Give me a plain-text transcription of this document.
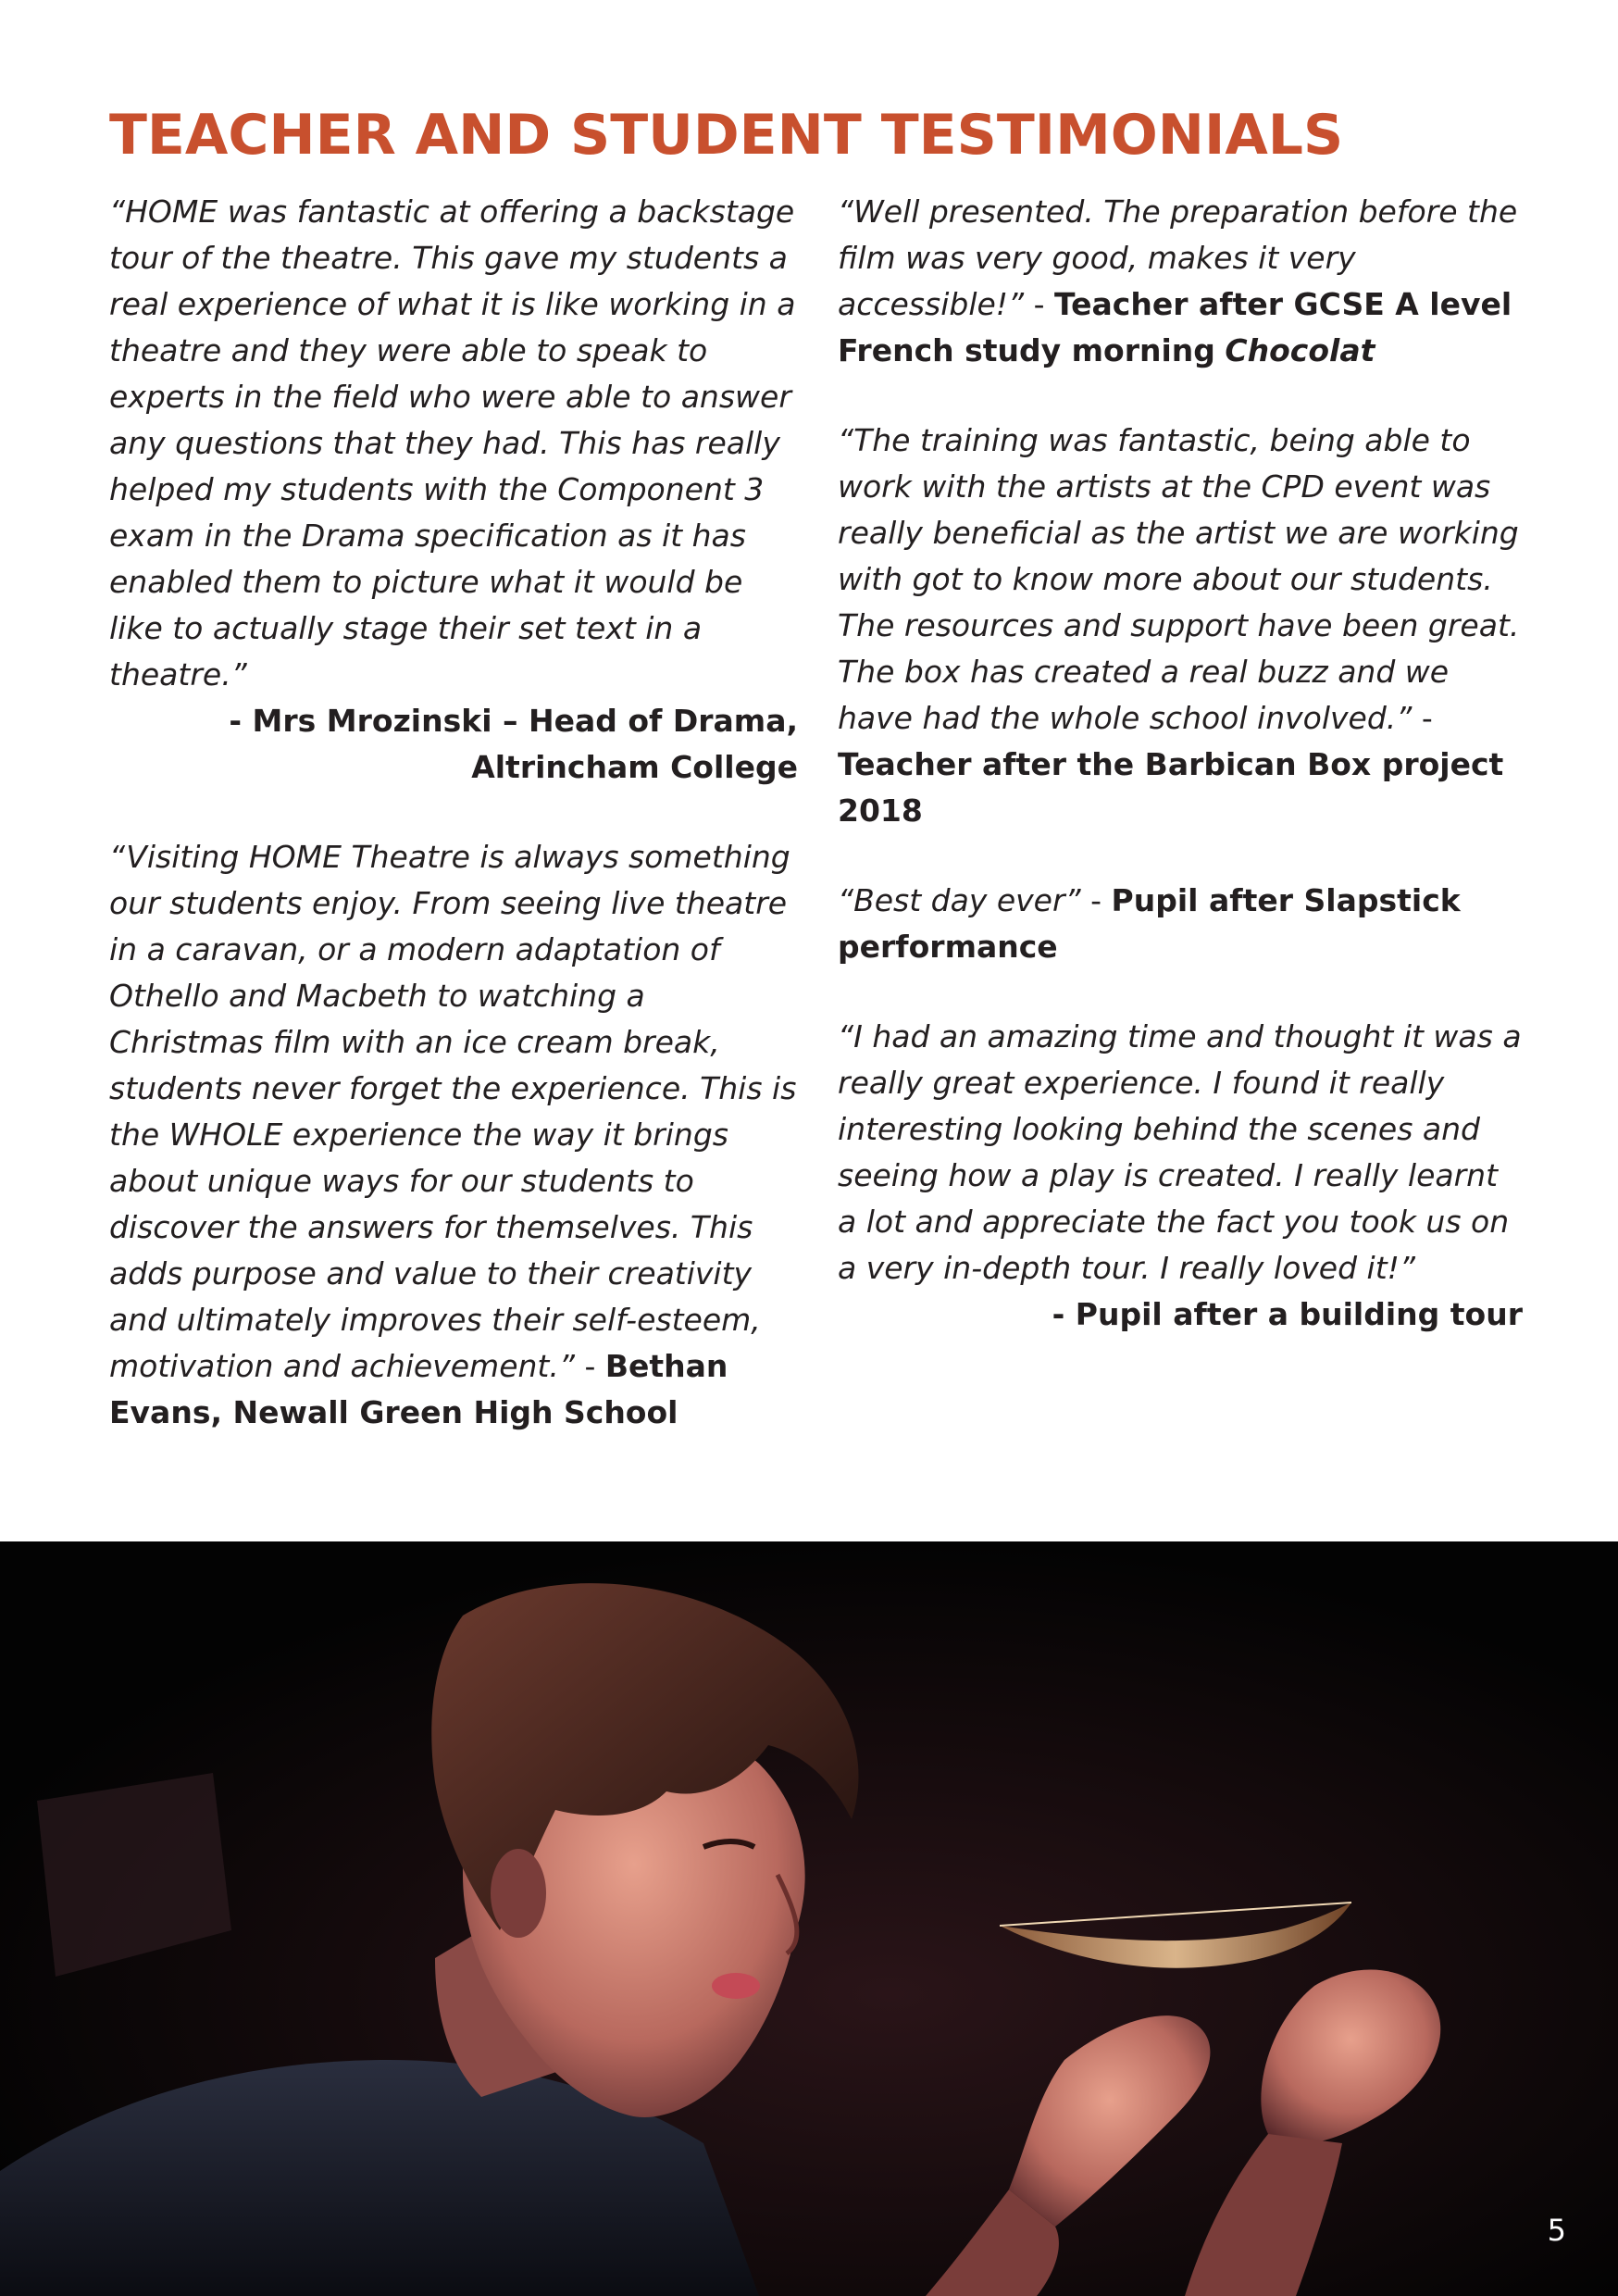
TEACHER AND STUDENT TESTIMONIALS

“HOME was fantastic at offering a backstage tour of the theatre. This gave my students a real experience of what it is like working in a theatre and they were able to speak to experts in the field who were able to answer any questions that they had. This has really helped my students with the Component 3 exam in the Drama specification as it has enabled them to picture what it would be like to actually stage their set text in a theatre.”
- Mrs Mrozinski – Head of Drama,
Altrincham College

“Visiting HOME Theatre is always something our students enjoy. From seeing live theatre in a caravan, or a modern adaptation of Othello and Macbeth to watching a Christmas film with an ice cream break, students never forget the experience. This is the WHOLE experience the way it brings about unique ways for our students to discover the answers for themselves. This adds purpose and value to their creativity and ultimately improves their self-esteem, motivation and achievement.” - Bethan Evans, Newall Green High School

“Well presented. The preparation before the film was very good, makes it very accessible!” - Teacher after GCSE A level French study morning Chocolat

“The training was fantastic, being able to work with the artists at the CPD event was really beneficial as the artist we are working with got to know more about our students. The resources and support have been great. The box has created a real buzz and we have had the whole school involved.” - Teacher after the Barbican Box project 2018

“Best day ever” - Pupil after Slapstick performance

“I had an amazing time and thought it was a really great experience. I found it really interesting looking behind the scenes and seeing how a play is created. I really learnt a lot and appreciate the fact you took us on a very in-depth tour. I really loved it!”
- Pupil after a building tour

5
